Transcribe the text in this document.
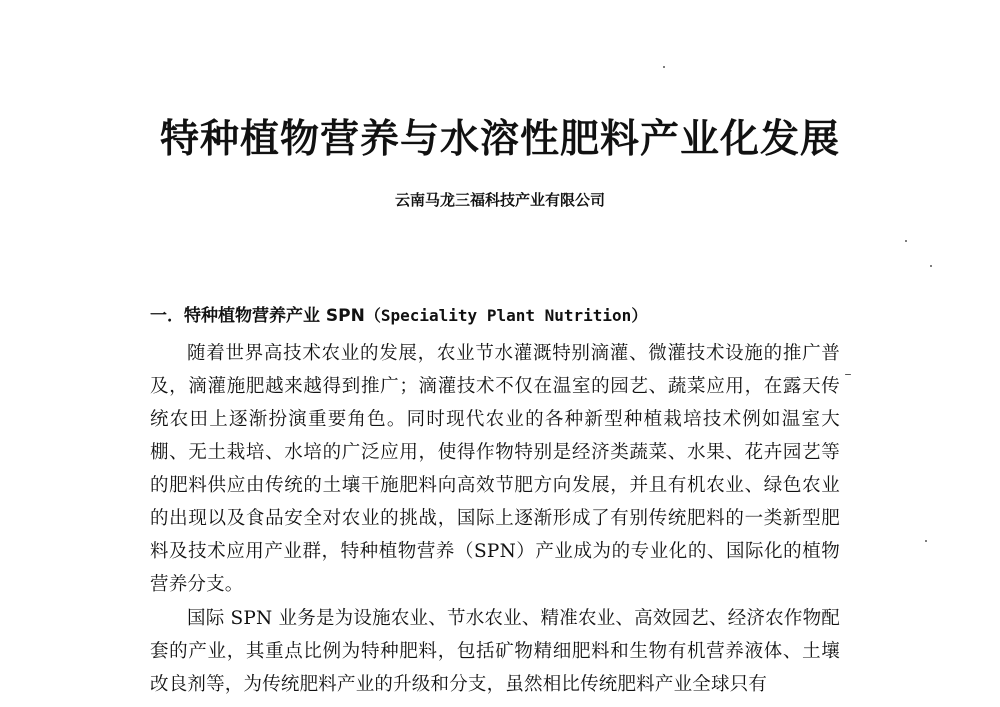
特种植物营养与水溶性肥料产业化发展
云南马龙三福科技产业有限公司
一．特种植物营养产业 SPN（Speciality Plant Nutrition）

随着世界高技术农业的发展，农业节水灌溉特别滴灌、微灌技术设施的推广普及，滴灌施肥越来越得到推广；滴灌技术不仅在温室的园艺、蔬菜应用，在露天传统农田上逐渐扮演重要角色。同时现代农业的各种新型种植栽培技术例如温室大棚、无土栽培、水培的广泛应用，使得作物特别是经济类蔬菜、水果、花卉园艺等的肥料供应由传统的土壤干施肥料向高效节肥方向发展，并且有机农业、绿色农业的出现以及食品安全对农业的挑战，国际上逐渐形成了有别传统肥料的一类新型肥料及技术应用产业群，特种植物营养（SPN）产业成为的专业化的、国际化的植物营养分支。

国际 SPN 业务是为设施农业、节水农业、精准农业、高效园艺、经济农作物配套的产业，其重点比例为特种肥料，包括矿物精细肥料和生物有机营养液体、土壤改良剂等，为传统肥料产业的升级和分支，虽然相比传统肥料产业全球只有
